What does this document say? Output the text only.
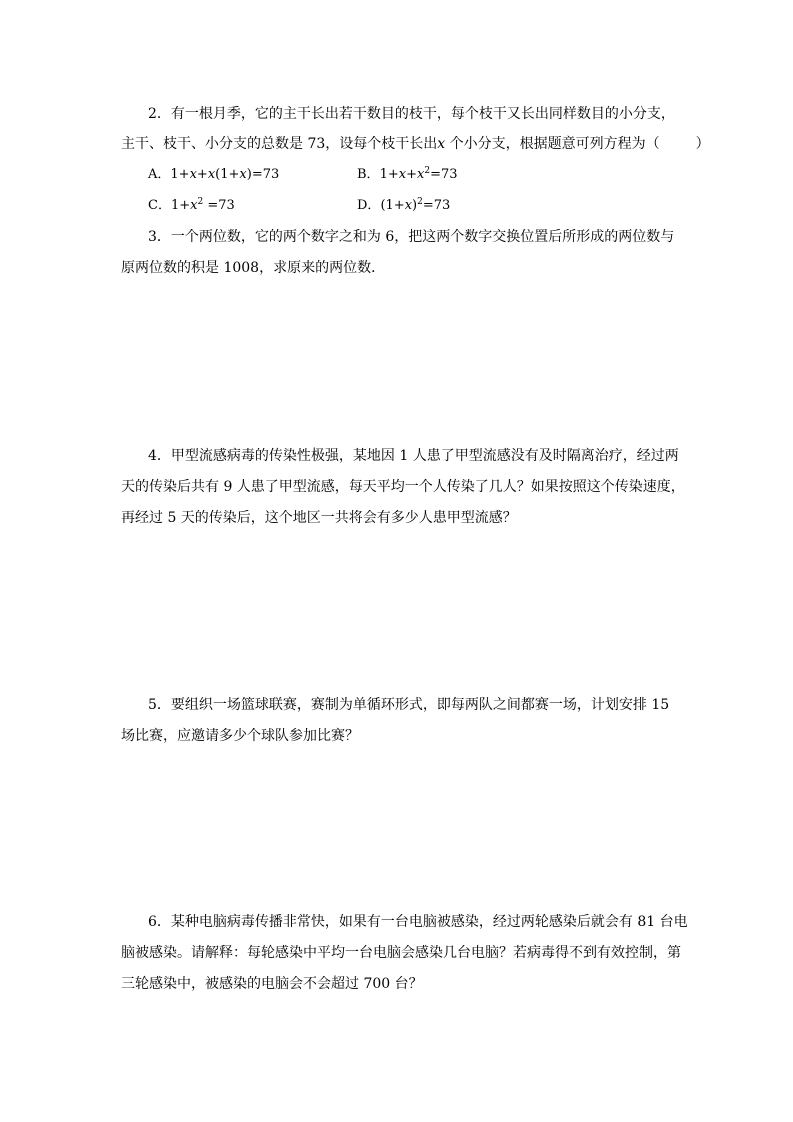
2．有一根月季，它的主干长出若干数目的枝干，每个枝干又长出同样数目的小分支，
主干、枝干、小分支的总数是 73，设每个枝干长出x 个小分支，根据题意可列方程为（	）
A．1+x+x(1+x)=73	B．$1+x+x^2=73$
C．$1+x^2 =73$	D．$(1+x)^2=73$
3．一个两位数，它的两个数字之和为 6，把这两个数字交换位置后所形成的两位数与
原两位数的积是 1008，求原来的两位数．
4．甲型流感病毒的传染性极强，某地因 1 人患了甲型流感没有及时隔离治疗，经过两
天的传染后共有 9 人患了甲型流感，每天平均一个人传染了几人？如果按照这个传染速度，
再经过 5 天的传染后，这个地区一共将会有多少人患甲型流感？
5．要组织一场篮球联赛，赛制为单循环形式，即每两队之间都赛一场，计划安排 15
场比赛，应邀请多少个球队参加比赛？
6．某种电脑病毒传播非常快，如果有一台电脑被感染，经过两轮感染后就会有 81 台电
脑被感染。请解释：每轮感染中平均一台电脑会感染几台电脑？若病毒得不到有效控制，第
三轮感染中，被感染的电脑会不会超过 700 台？
